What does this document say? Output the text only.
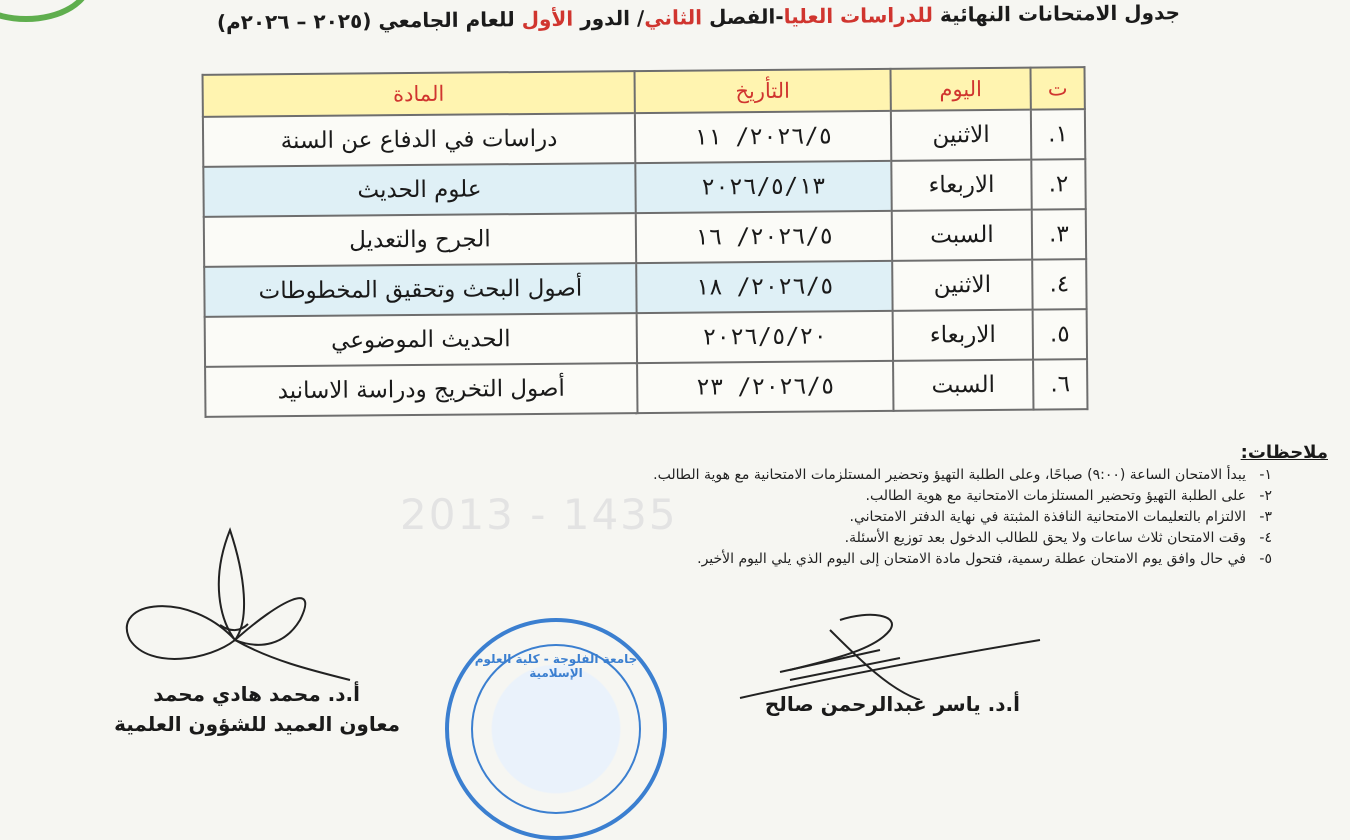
جدول الامتحانات النهائية للدراسات العليا-الفصل الثاني/ الدور الأول للعام الجامعي (٢٠٢٥ – ٢٠٢٦م)
2013 - 1435
ت	اليوم	التأريخ	المادة
١.	الاثنين	٢٠٢٦/٥/ ١١	دراسات في الدفاع عن السنة
٢.	الاربعاء	٢٠٢٦/٥/١٣	علوم الحديث
٣.	السبت	٢٠٢٦/٥/ ١٦	الجرح والتعديل
٤.	الاثنين	٢٠٢٦/٥/ ١٨	أصول البحث وتحقيق المخطوطات
٥.	الاربعاء	٢٠٢٦/٥/٢٠	الحديث الموضوعي
٦.	السبت	٢٠٢٦/٥/ ٢٣	أصول التخريج ودراسة الاسانيد
ملاحظات:
١-يبدأ الامتحان الساعة (٩:٠٠) صباحًا، وعلى الطلبة التهيؤ وتحضير المستلزمات الامتحانية مع هوية الطالب.
٢-على الطلبة التهيؤ وتحضير المستلزمات الامتحانية مع هوية الطالب.
٣-الالتزام بالتعليمات الامتحانية النافذة المثبتة في نهاية الدفتر الامتحاني.
٤-وقت الامتحان ثلاث ساعات ولا يحق للطالب الدخول بعد توزيع الأسئلة.
٥-في حال وافق يوم الامتحان عطلة رسمية، فتحول مادة الامتحان إلى اليوم الذي يلي اليوم الأخير.
أ.د. محمد هادي محمد
معاون العميد للشؤون العلمية
جامعة الفلوجة - كلية العلوم الإسلامية
أ.د. ياسر عبدالرحمن صالح
